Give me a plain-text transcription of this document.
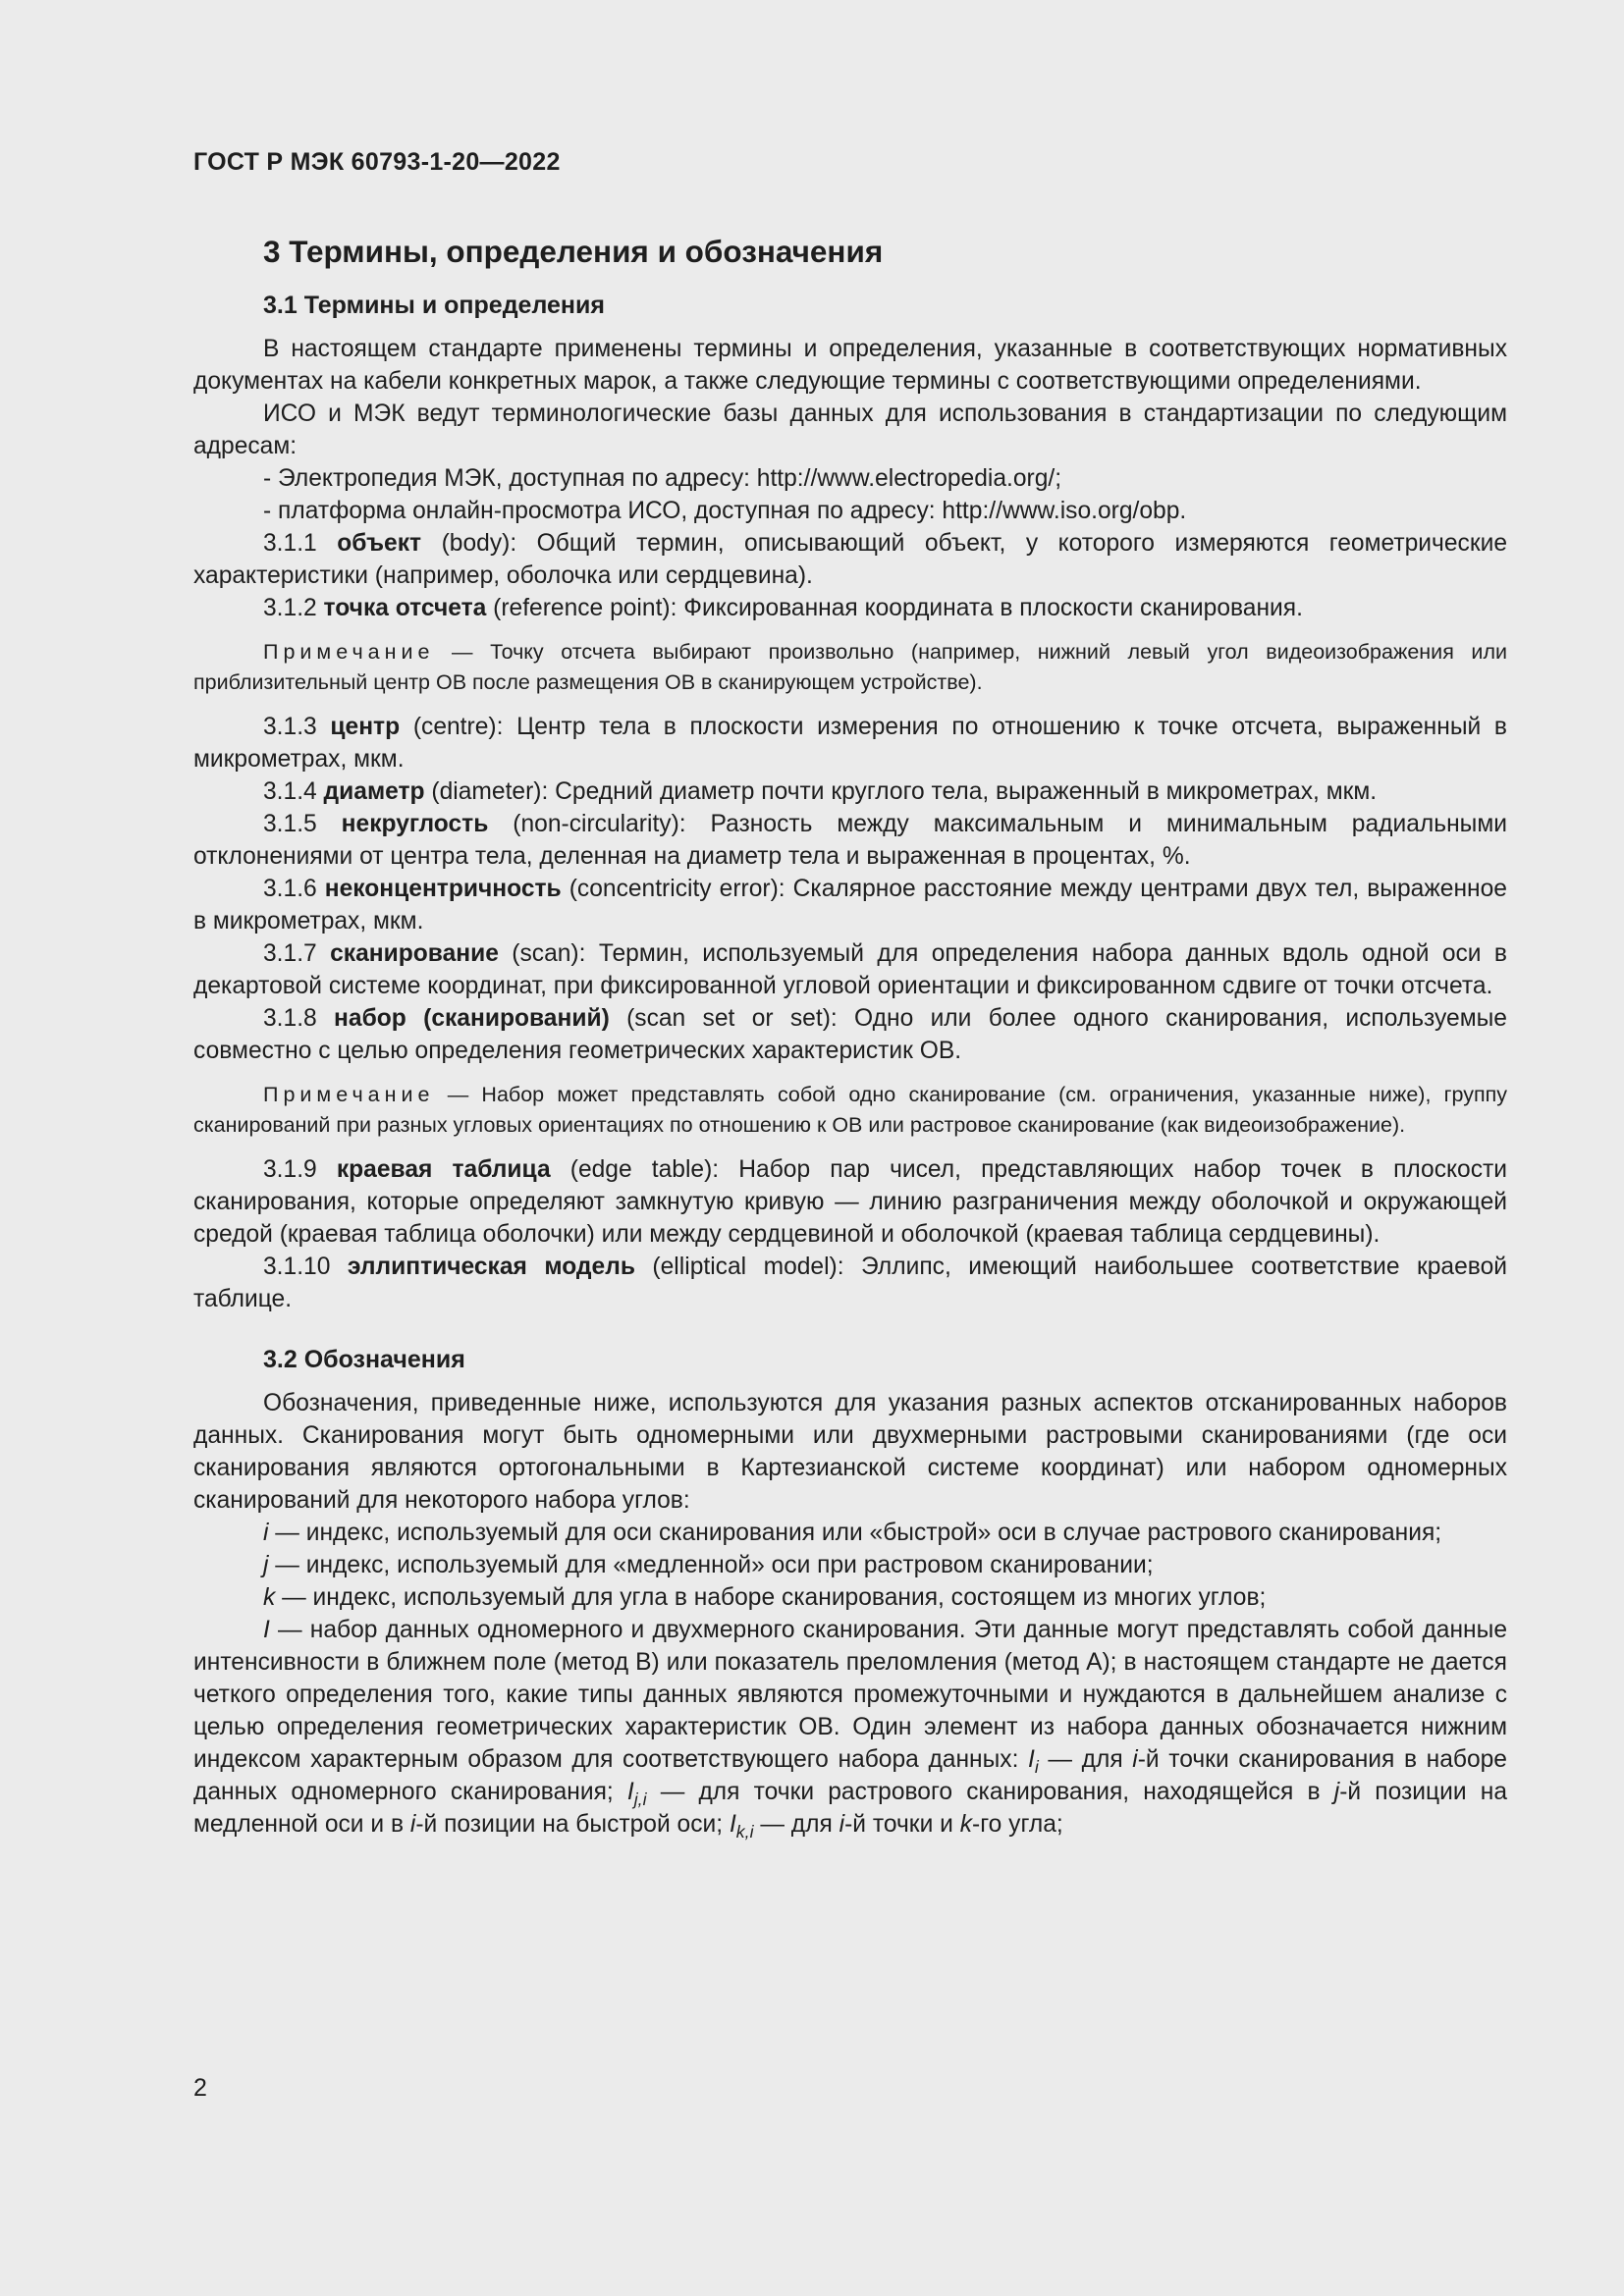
ГОСТ Р МЭК 60793-1-20—2022

3 Термины, определения и обозначения

3.1 Термины и определения

В настоящем стандарте применены термины и определения, указанные в соответствующих нормативных документах на кабели конкретных марок, а также следующие термины с соответствующими определениями.

ИСО и МЭК ведут терминологические базы данных для использования в стандартизации по следующим адресам:

- Электропедия МЭК, доступная по адресу: http://www.electropedia.org/;

- платформа онлайн-просмотра ИСО, доступная по адресу: http://www.iso.org/obp.

3.1.1 объект (body): Общий термин, описывающий объект, у которого измеряются геометрические характеристики (например, оболочка или сердцевина).

3.1.2 точка отсчета (reference point): Фиксированная координата в плоскости сканирования.

Примечание — Точку отсчета выбирают произвольно (например, нижний левый угол видеоизображения или приблизительный центр ОВ после размещения ОВ в сканирующем устройстве).

3.1.3 центр (centre): Центр тела в плоскости измерения по отношению к точке отсчета, выраженный в микрометрах, мкм.

3.1.4 диаметр (diameter): Средний диаметр почти круглого тела, выраженный в микрометрах, мкм.

3.1.5 некруглость (non-circularity): Разность между максимальным и минимальным радиальными отклонениями от центра тела, деленная на диаметр тела и выраженная в процентах, %.

3.1.6 неконцентричность (concentricity error): Скалярное расстояние между центрами двух тел, выраженное в микрометрах, мкм.

3.1.7 сканирование (scan): Термин, используемый для определения набора данных вдоль одной оси в декартовой системе координат, при фиксированной угловой ориентации и фиксированном сдвиге от точки отсчета.

3.1.8 набор (сканирований) (scan set or set): Одно или более одного сканирования, используемые совместно с целью определения геометрических характеристик ОВ.

Примечание — Набор может представлять собой одно сканирование (см. ограничения, указанные ниже), группу сканирований при разных угловых ориентациях по отношению к ОВ или растровое сканирование (как видеоизображение).

3.1.9 краевая таблица (edge table): Набор пар чисел, представляющих набор точек в плоскости сканирования, которые определяют замкнутую кривую — линию разграничения между оболочкой и окружающей средой (краевая таблица оболочки) или между сердцевиной и оболочкой (краевая таблица сердцевины).

3.1.10 эллиптическая модель (elliptical model): Эллипс, имеющий наибольшее соответствие краевой таблице.

3.2 Обозначения

Обозначения, приведенные ниже, используются для указания разных аспектов отсканированных наборов данных. Сканирования могут быть одномерными или двухмерными растровыми сканированиями (где оси сканирования являются ортогональными в Картезианской системе координат) или набором одномерных сканирований для некоторого набора углов:

i — индекс, используемый для оси сканирования или «быстрой» оси в случае растрового сканирования;

j — индекс, используемый для «медленной» оси при растровом сканировании;

k — индекс, используемый для угла в наборе сканирования, состоящем из многих углов;

I — набор данных одномерного и двухмерного сканирования. Эти данные могут представлять собой данные интенсивности в ближнем поле (метод В) или показатель преломления (метод А); в настоящем стандарте не дается четкого определения того, какие типы данных являются промежуточными и нуждаются в дальнейшем анализе с целью определения геометрических характеристик ОВ. Один элемент из набора данных обозначается нижним индексом характерным образом для соответствующего набора данных: $I_i$ — для i-й точки сканирования в наборе данных одномерного сканирования; $I_{j,i}$ — для точки растрового сканирования, находящейся в j-й позиции на медленной оси и в i-й позиции на быстрой оси; $I_{k,i}$ — для i-й точки и k-го угла;

2
